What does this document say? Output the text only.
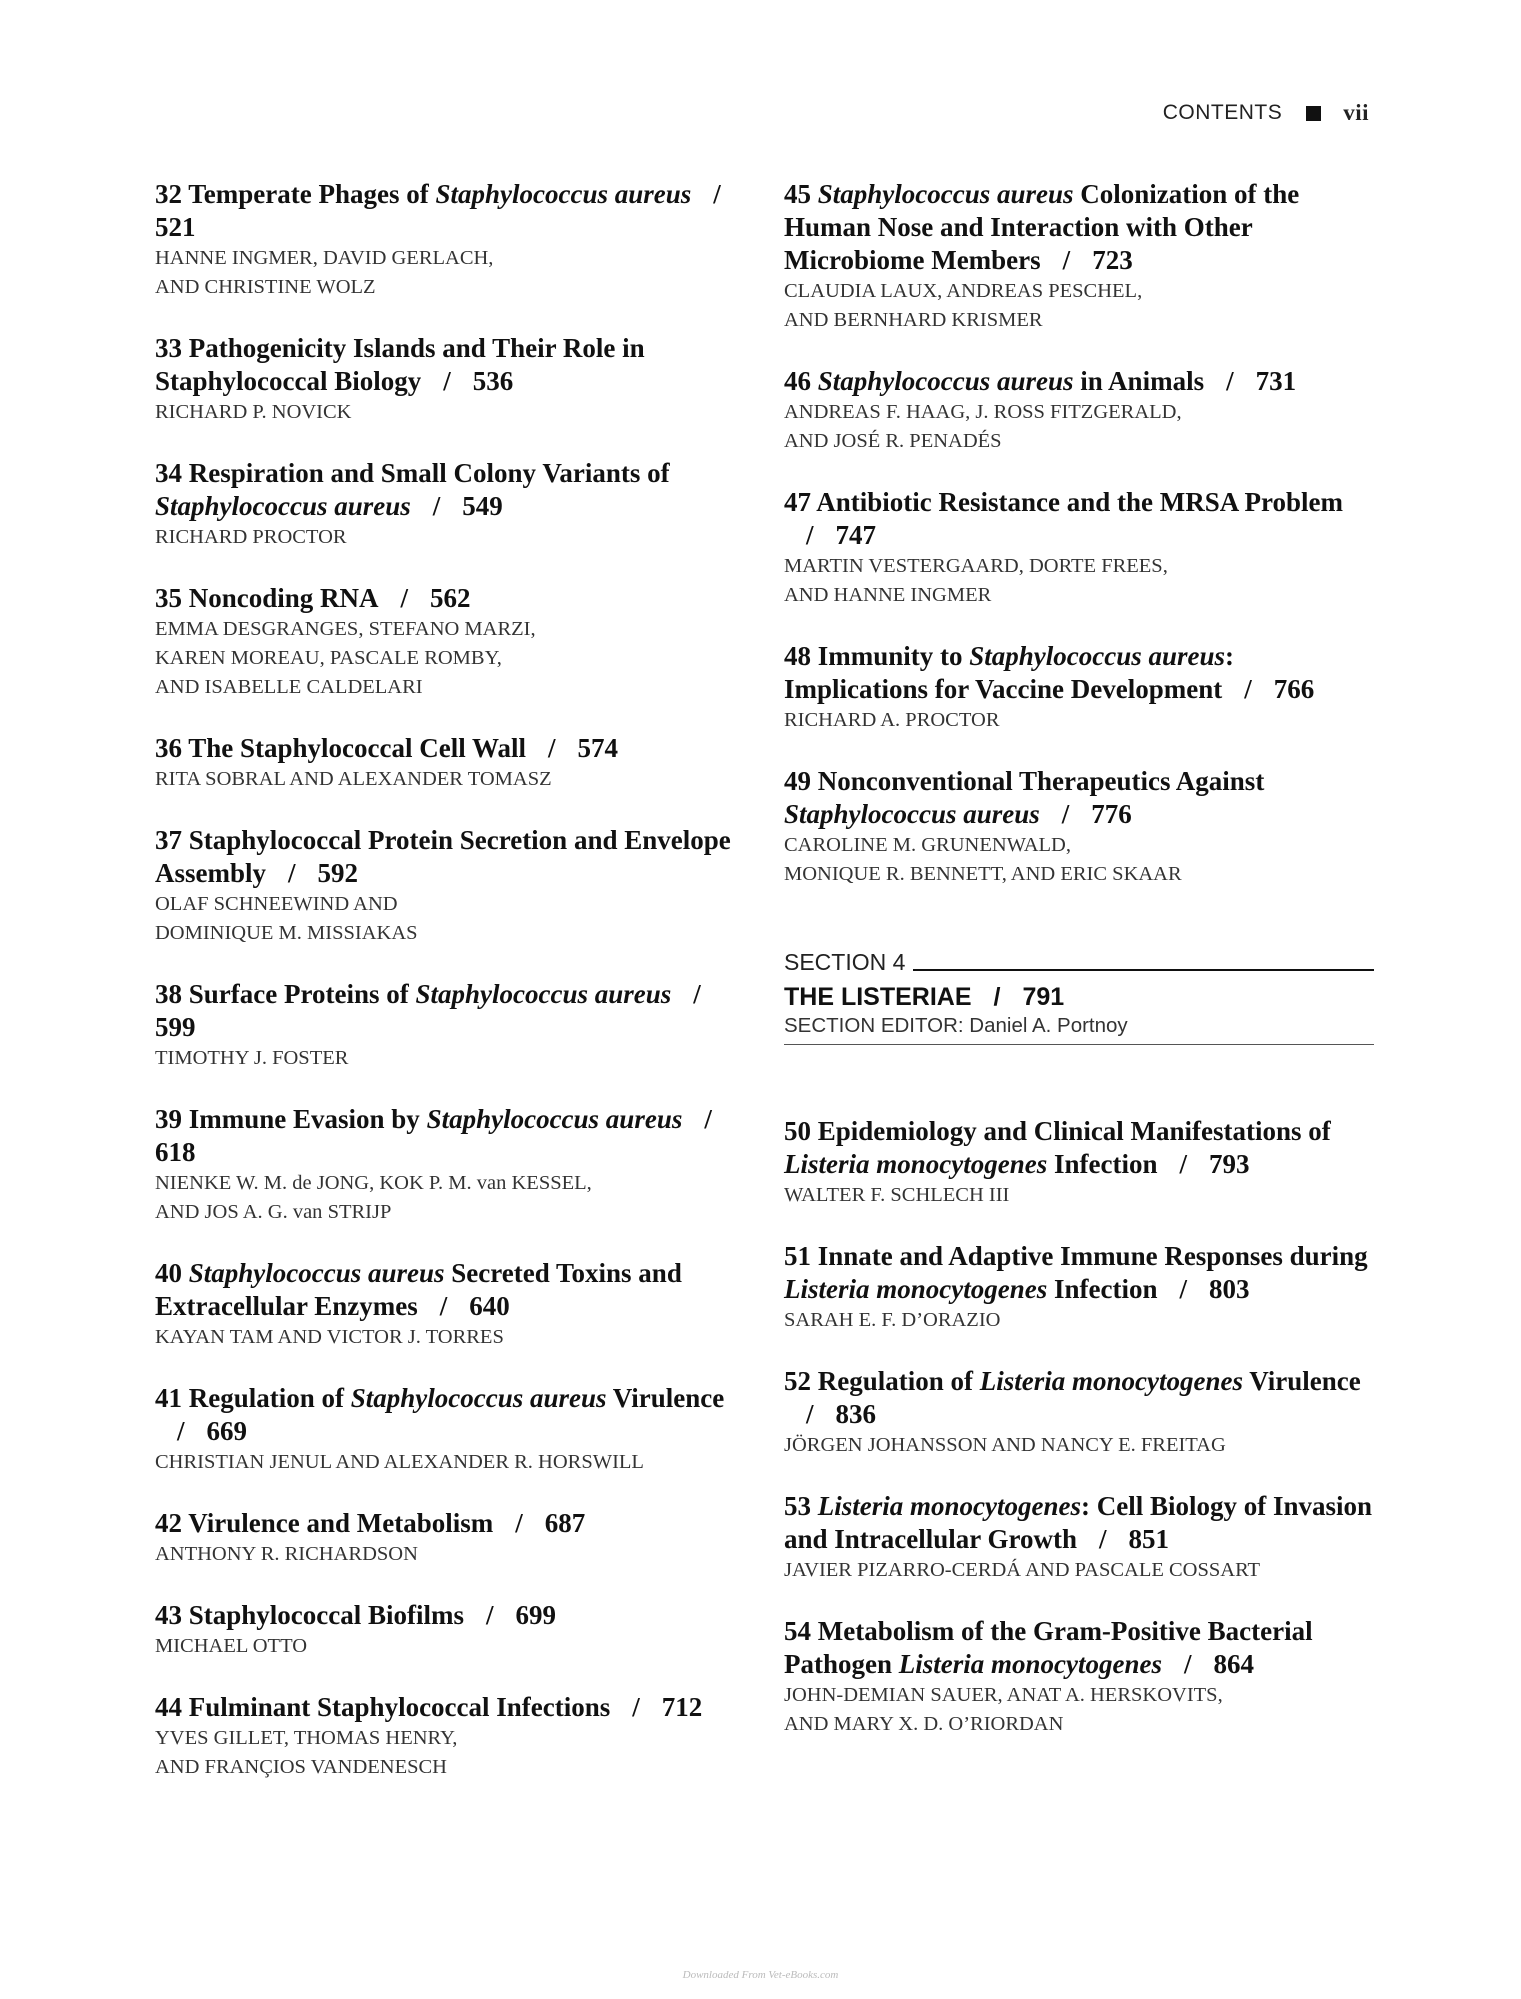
CONTENTS	vii
32 Temperate Phages of Staphylococcus aureus /521
HANNE INGMER, DAVID GERLACH,
AND CHRISTINE WOLZ
33 Pathogenicity Islands and Their Role in Staphylococcal Biology / 536
RICHARD P. NOVICK
34 Respiration and Small Colony Variants of Staphylococcus aureus / 549
RICHARD PROCTOR
35 Noncoding RNA / 562
EMMA DESGRANGES, STEFANO MARZI,
KAREN MOREAU, PASCALE ROMBY,
AND ISABELLE CALDELARI
36 The Staphylococcal Cell Wall / 574
RITA SOBRAL AND ALEXANDER TOMASZ
37 Staphylococcal Protein Secretion and Envelope Assembly / 592
OLAF SCHNEEWIND AND
DOMINIQUE M. MISSIAKAS
38 Surface Proteins of Staphylococcus aureus /599
TIMOTHY J. FOSTER
39 Immune Evasion by Staphylococcus aureus /618
NIENKE W. M. de JONG, KOK P. M. van KESSEL,
AND JOS A. G. van STRIJP
40 Staphylococcus aureus Secreted Toxins and Extracellular Enzymes / 640
KAYAN TAM AND VICTOR J. TORRES
41 Regulation of Staphylococcus aureus Virulence/ 669
CHRISTIAN JENUL AND ALEXANDER R. HORSWILL
42 Virulence and Metabolism / 687
ANTHONY R. RICHARDSON
43 Staphylococcal Biofilms / 699
MICHAEL OTTO
44 Fulminant Staphylococcal Infections / 712
YVES GILLET, THOMAS HENRY,
AND FRANÇIOS VANDENESCH
45 Staphylococcus aureus Colonization of the Human Nose and Interaction with Other Microbiome Members / 723
CLAUDIA LAUX, ANDREAS PESCHEL,
AND BERNHARD KRISMER
46 Staphylococcus aureus in Animals / 731
ANDREAS F. HAAG, J. ROSS FITZGERALD,
AND JOSÉ R. PENADÉS
47 Antibiotic Resistance and the MRSA Problem/ 747
MARTIN VESTERGAARD, DORTE FREES,
AND HANNE INGMER
48 Immunity to Staphylococcus aureus: Implications for Vaccine Development / 766
RICHARD A. PROCTOR
49 Nonconventional Therapeutics Against Staphylococcus aureus / 776
CAROLINE M. GRUNENWALD,
MONIQUE R. BENNETT, AND ERIC SKAAR
SECTION 4
THE LISTERIAE / 791
SECTION EDITOR: Daniel A. Portnoy
50 Epidemiology and Clinical Manifestations of Listeria monocytogenes Infection / 793
WALTER F. SCHLECH III
51 Innate and Adaptive Immune Responses during Listeria monocytogenes Infection / 803
SARAH E. F. D’ORAZIO
52 Regulation of Listeria monocytogenes Virulence/ 836
JÖRGEN JOHANSSON AND NANCY E. FREITAG
53 Listeria monocytogenes: Cell Biology of Invasion and Intracellular Growth / 851
JAVIER PIZARRO-CERDÁ AND PASCALE COSSART
54 Metabolism of the Gram-Positive Bacterial Pathogen Listeria monocytogenes / 864
JOHN-DEMIAN SAUER, ANAT A. HERSKOVITS,
AND MARY X. D. O’RIORDAN
Downloaded From Vet-eBooks.com
